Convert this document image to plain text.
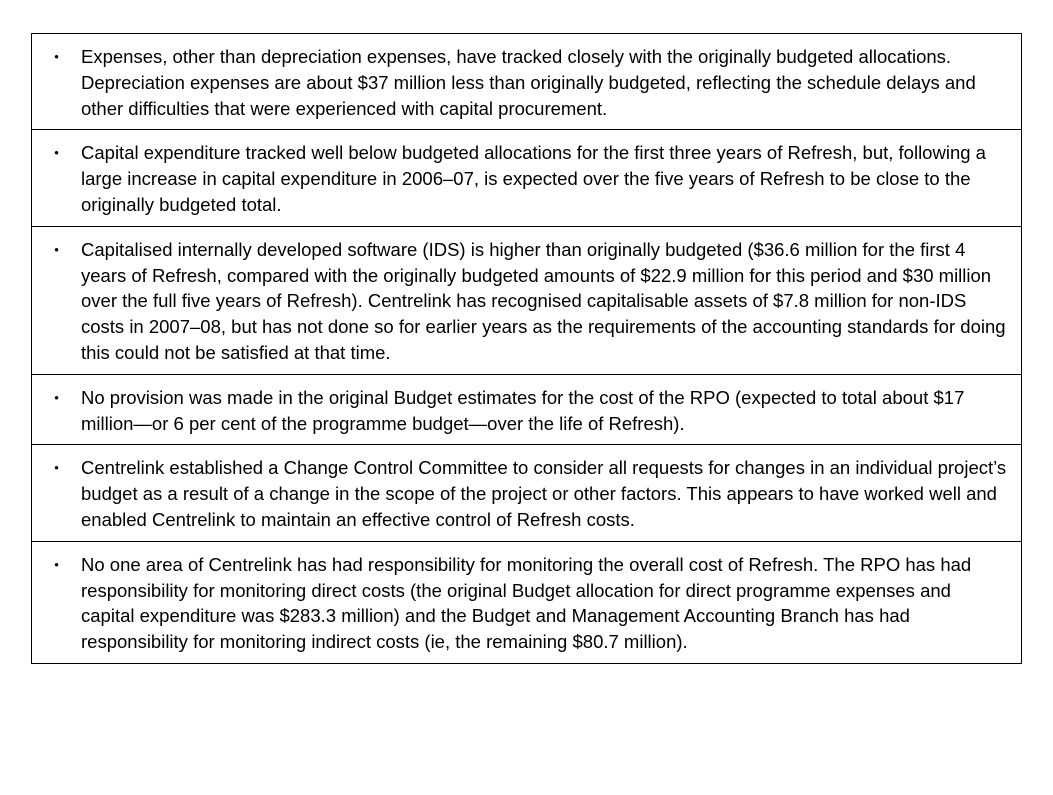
•	Expenses, other than depreciation expenses, have tracked closely with the originally budgeted allocations. Depreciation expenses are about $37 million less than originally budgeted, reflecting the schedule delays and other difficulties that were experienced with capital procurement.

•	Capital expenditure tracked well below budgeted allocations for the first three years of Refresh, but, following a large increase in capital expenditure in 2006–07, is expected over the five years of Refresh to be close to the originally budgeted total.

•	Capitalised internally developed software (IDS) is higher than originally budgeted ($36.6 million for the first 4 years of Refresh, compared with the originally budgeted amounts of $22.9 million for this period and $30 million over the full five years of Refresh). Centrelink has recognised capitalisable assets of $7.8 million for non-IDS costs in 2007–08, but has not done so for earlier years as the requirements of the accounting standards for doing this could not be satisfied at that time.

•	No provision was made in the original Budget estimates for the cost of the RPO (expected to total about $17 million—or 6 per cent of the programme budget—over the life of Refresh).

•	Centrelink established a Change Control Committee to consider all requests for changes in an individual project’s budget as a result of a change in the scope of the project or other factors. This appears to have worked well and enabled Centrelink to maintain an effective control of Refresh costs.

•	No one area of Centrelink has had responsibility for monitoring the overall cost of Refresh. The RPO has had responsibility for monitoring direct costs (the original Budget allocation for direct programme expenses and capital expenditure was $283.3 million) and the Budget and Management Accounting Branch has had responsibility for monitoring indirect costs (ie, the remaining $80.7 million).
